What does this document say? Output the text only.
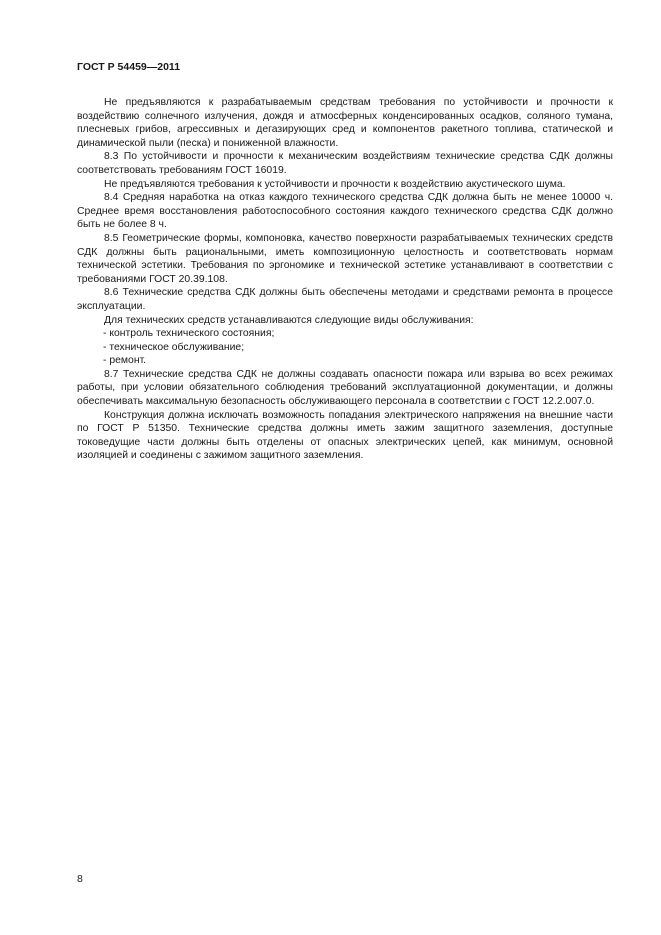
ГОСТ Р 54459—2011

Не предъявляются к разрабатываемым средствам требования по устойчивости и прочности к воздействию солнечного излучения, дождя и атмосферных конденсированных осадков, соляного тумана, плесневых грибов, агрессивных и дегазирующих сред и компонентов ракетного топлива, статической и динамической пыли (песка) и пониженной влажности.

8.3 По устойчивости и прочности к механическим воздействиям технические средства СДК должны соответствовать требованиям ГОСТ 16019.

Не предъявляются требования к устойчивости и прочности к воздействию акустического шума.

8.4 Средняя наработка на отказ каждого технического средства СДК должна быть не менее 10000 ч. Среднее время восстановления работоспособного состояния каждого технического средства СДК должно быть не более 8 ч.

8.5 Геометрические формы, компоновка, качество поверхности разрабатываемых технических средств СДК должны быть рациональными, иметь композиционную целостность и соответствовать нормам технической эстетики. Требования по эргономике и технической эстетике устанавливают в соответствии с требованиями ГОСТ 20.39.108.

8.6 Технические средства СДК должны быть обеспечены методами и средствами ремонта в процессе эксплуатации.

Для технических средств устанавливаются следующие виды обслуживания:

- контроль технического состояния;

- техническое обслуживание;

- ремонт.

8.7 Технические средства СДК не должны создавать опасности пожара или взрыва во всех режимах работы, при условии обязательного соблюдения требований эксплуатационной документации, и должны обеспечивать максимальную безопасность обслуживающего персонала в соответствии с ГОСТ 12.2.007.0.

Конструкция должна исключать возможность попадания электрического напряжения на внешние части по ГОСТ Р 51350. Технические средства должны иметь зажим защитного заземления, доступные токоведущие части должны быть отделены от опасных электрических цепей, как минимум, основной изоляцией и соединены с зажимом защитного заземления.

8
